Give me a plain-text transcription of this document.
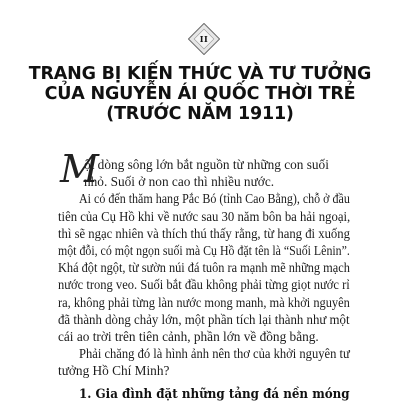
II
TRANG BỊ KIẾN THỨC VÀ TƯ TƯỞNG
CỦA NGUYỄN ÁI QUỐC THỜI TRẺ
(TRƯỚC NĂM 1911)
M
ột dòng sông lớn bắt nguồn từ những con suối
nhỏ. Suối ở non cao thì nhiều nước.
Ai có đến thăm hang Pắc Bó (tỉnh Cao Bằng), chỗ ở đầu
tiên của Cụ Hồ khi về nước sau 30 năm bôn ba hải ngoại,
thì sẽ ngạc nhiên và thích thú thấy rằng, từ hang đi xuống
một đỗi, có một ngọn suối mà Cụ Hồ đặt tên là “Suối Lênin”.
Khá đột ngột, từ sườn núi đá tuôn ra mạnh mẽ những mạch
nước trong veo. Suối bắt đầu không phải từng giọt nước rỉ
ra, không phải từng làn nước mong manh, mà khởi nguyên
đã thành dòng chảy lớn, một phần tích lại thành như một
cái ao trời trên tiên cảnh, phần lớn về đồng bằng.
Phải chăng đó là hình ảnh nên thơ của khởi nguyên tư
tưởng Hồ Chí Minh?
1. Gia đình đặt những tảng đá nền móng
